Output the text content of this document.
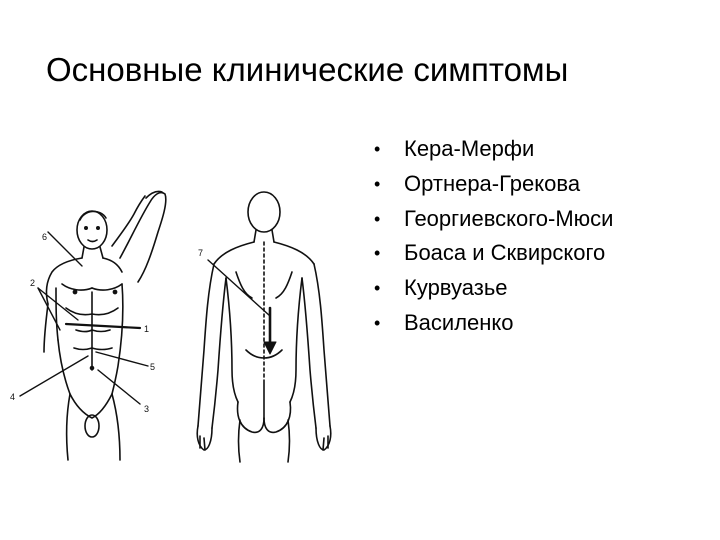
Основные клинические симптомы
• Кера-Мерфи
• Ортнера-Грекова
• Георгиевского-Мюси
• Боаса и Сквирского
• Курвуазье
• Василенко
6
2
1
5
4
3
7
